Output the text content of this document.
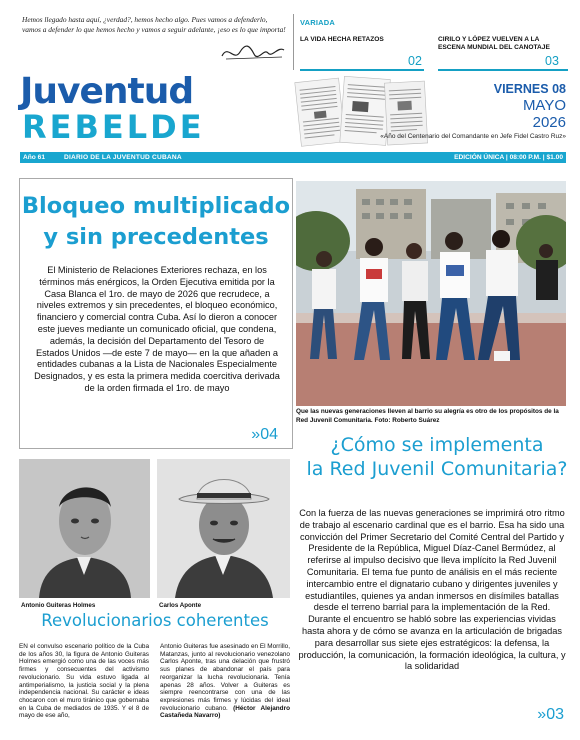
Hemos llegado hasta aquí, ¿verdad?, hemos hecho algo. Pues vamos a defenderlo, vamos a defender lo que hemos hecho y vamos a seguir adelante, ¡eso es lo que importa!
VARIADA
LA VIDA HECHA RETAZOS	CIRILO Y LÓPEZ VUELVEN A LA ESCENA MUNDIAL DEL CANOTAJE
02	03
Juventud
REBELDE
VIERNES 08
MAYO
2026
«Año del Centenario del Comandante en Jefe Fidel Castro Ruz»
Año 61	DIARIO DE LA JUVENTUD CUBANA	EDICIÓN ÚNICA | 08:00 P.M. | $1.00
Bloqueo multiplicado
y sin precedentes
El Ministerio de Relaciones Exteriores rechaza, en los términos más enérgicos, la Orden Ejecutiva emitida por la Casa Blanca el 1ro. de mayo de 2026 que recrudece, a niveles extremos y sin precedentes, el bloqueo económico, financiero y comercial contra Cuba. Así lo dieron a conocer este jueves mediante un comunicado oficial, que condena, además, la decisión del Departamento del Tesoro de Estados Unidos —de este 7 de mayo— en la que añaden a entidades cubanas a la Lista de Nacionales Especialmente Designados, y es esta la primera medida coercitiva derivada de la orden firmada el 1ro. de mayo
»04
Que las nuevas generaciones lleven al barrio su alegría es otro de los propósitos de la Red Juvenil Comunitaria. Foto: Roberto Suárez
¿Cómo se implementa
la Red Juvenil Comunitaria?
Con la fuerza de las nuevas generaciones se imprimirá otro ritmo de trabajo al escenario cardinal que es el barrio. Esa ha sido una convicción del Primer Secretario del Comité Central del Partido y Presidente de la República, Miguel Díaz-Canel Bermúdez, al referirse al impulso decisivo que lleva implícito la Red Juvenil Comunitaria. El tema fue punto de análisis en el más reciente intercambio entre el dignatario cubano y dirigentes juveniles y estudiantiles, quienes ya andan inmersos en disímiles batallas desde el terreno barrial para la implementación de la Red. Durante el encuentro se habló sobre las experiencias vividas hasta ahora y de cómo se avanza en la articulación de brigadas para desarrollar sus siete ejes estratégicos: la defensa, la producción, la comunicación, la formación ideológica, la cultura, y la solidaridad
»03
Antonio Guiteras Holmes	Carlos Aponte
Revolucionarios coherentes
EN el convulso escenario político de la Cuba de los años 30, la figura de Antonio Guiteras Holmes emergió como una de las voces más firmes y consecuentes del activismo revolucionario. Su vida estuvo ligada al antimperialismo, la justicia social y la plena independencia nacional. Su carácter e ideas chocaron con el muro tiránico que gobernaba en la Cuba de mediados de 1935. Y el 8 de mayo de ese año,
Antonio Guiteras fue asesinado en El Morrillo, Matanzas, junto al revolucionario venezolano Carlos Aponte, tras una delación que frustró sus planes de abandonar el país para reorganizar la lucha revolucionaria. Tenía apenas 28 años. Volver a Guiteras es siempre reencontrarse con una de las expresiones más firmes y lúcidas del ideal revolucionario cubano. (Héctor Alejandro Castañeda Navarro)
